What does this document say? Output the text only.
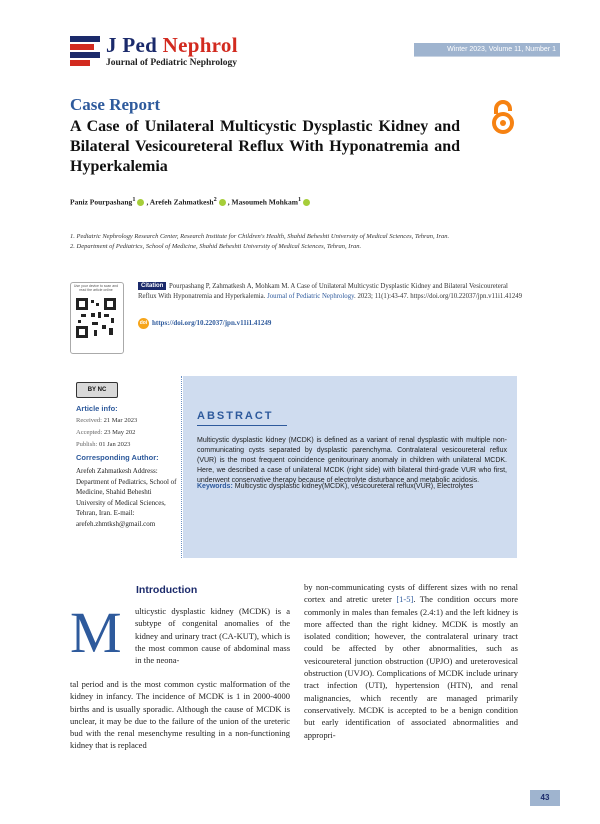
J Ped Nephrol
Journal of Pediatric Nephrology
Winter 2023, Volume 11, Number 1
Case Report
A Case of Unilateral Multicystic Dysplastic Kidney and Bilateral Vesicoureteral Reflux With Hyponatremia and Hyperkalemia
Paniz Pourpashang$^1$ , Arefeh Zahmatkesh$^2$ , Masoumeh Mohkam$^1$
1. Pediatric Nephrology Research Center, Research Institute for Children's Health, Shahid Beheshti University of Medical Sciences, Tehran, Iran.
2. Department of Pediatrics, School of Medicine, Shahid Beheshti University of Medical Sciences, Tehran, Iran.
Use your device to scan and read the article online	Pourpashang P, Zahmatkesh A, Mohkam M. A Case of Unilateral Multicystic Dysplastic Kidney and Bilateral Vesicoureteral Reflux With Hyponatremia and Hyperkalemia. Journal of Pediatric Nephrology. 2023; 11(1):43-47. https://doi.org/10.22037/jpn.v11i1.41249
Citation
doi https://doi.org/10.22037/jpn.v11i1.41249
BY NC
Article info:
Received: 21 Mar 2023
Accepted: 23 May 202
Publish: 01 Jan 2023
Corresponding Author:
Arefeh Zahmatkesh Address: Department of Pediatrics, School of Medicine, Shahid Beheshti University of Medical Sciences, Tehran, Iran. E-mail: arefeh.zhmtksh@gmail.com
ABSTRACT
Multicystic dysplastic kidney (MCDK) is defined as a variant of renal dysplastic with multiple non-communicating cysts separated by dysplastic parenchyma. Contralateral vesicoureteral reflux (VUR) is the most frequent coincidence genitourinary anomaly in children with unilateral MCDK. Here, we described a case of unilateral MCDK (right side) with bilateral third-grade VUR who first, underwent conservative therapy because of electrolyte disturbance and metabolic acidosis.
Keywords: Multicystic dysplastic kidney(MCDK), vesicoureteral reflux(VUR), Electrolytes
Introduction
M ulticystic dysplastic kidney (MCDK) is a subtype of congenital anomalies of the kidney and urinary tract (CA-KUT), which is the most common cause of abdominal mass in the neona-
tal period and is the most common cystic malformation of the kidney in infancy. The incidence of MCDK is 1 in 2000-4000 births and is usually sporadic. Although the cause of MCDK is unclear, it may be due to the failure of the union of the ureteric bud with the renal mesenchyme resulting in a non-functioning kidney that is replaced
by non-communicating cysts of different sizes with no renal cortex and atretic ureter [1-5]. The condition occurs more commonly in males than females (2.4:1) and the left kidney is more affected than the right kidney. MCDK is mostly an isolated condition; however, the contralateral urinary tract could be affected by other abnormalities, such as vesicoureteral junction obstruction (UPJO) and ureterovesical obstruction (UVJO). Complications of MCDK include urinary tract infection (UTI), hypertension (HTN), and renal malignancies, which recently are managed primarily conservatively. MCDK is accepted to be a benign condition but early identification of associated abnormalities and appropri-
43
